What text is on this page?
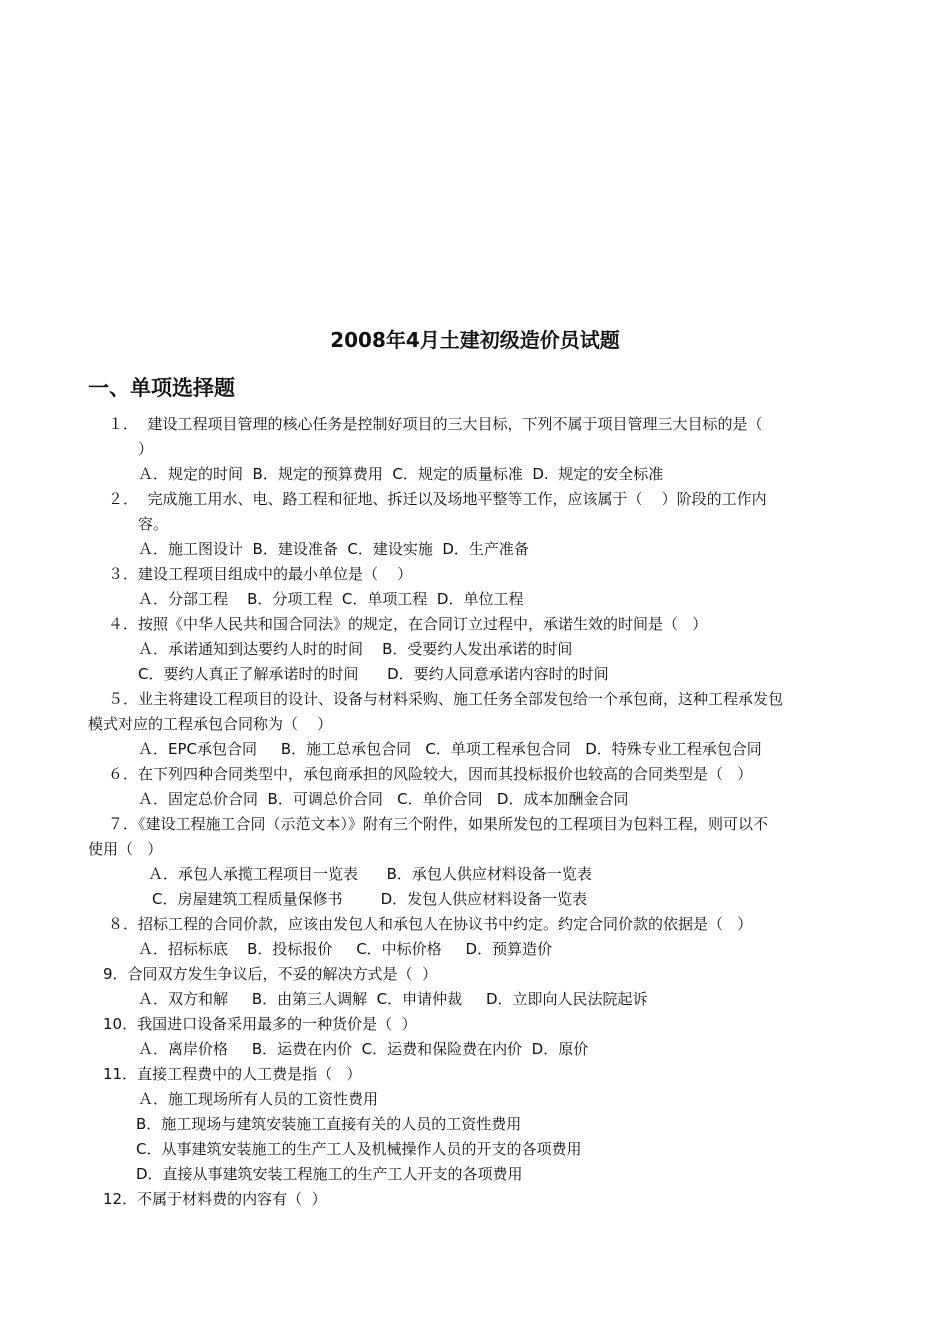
2008年4月土建初级造价员试题
一、单项选择题

１．  建设工程项目管理的核心任务是控制好项目的三大目标，下列不属于项目管理三大目标的是（

）

Ａ．规定的时间  B．规定的预算费用  C．规定的质量标准  D.  规定的安全标准

２．  完成施工用水、电、路工程和征地、拆迁以及场地平整等工作，应该属于（    ）阶段的工作内

容。

Ａ．施工图设计  B．建设准备  C．建设实施  D．生产准备

３．建设工程项目组成中的最小单位是（    ）

Ａ．分部工程    B．分项工程  C．单项工程  D．单位工程

４．按照《中华人民共和国合同法》的规定，在合同订立过程中，承诺生效的时间是（   ）

Ａ．承诺通知到达要约人时的时间    B．受要约人发出承诺的时间

C．要约人真正了解承诺时的时间      D．要约人同意承诺内容时的时间

５．业主将建设工程项目的设计、设备与材料采购、施工任务全部发包给一个承包商，这种工程承发包

模式对应的工程承包合同称为（    ）

Ａ．EPC承包合同     B．施工总承包合同   C．单项工程承包合同   D．特殊专业工程承包合同

６．在下列四种合同类型中，承包商承担的风险较大，因而其投标报价也较高的合同类型是（   ）

Ａ．固定总价合同  B．可调总价合同   C．单价合同   D．成本加酬金合同

７．《建设工程施工合同（示范文本）》附有三个附件，如果所发包的工程项目为包料工程，则可以不

使用（   ）

Ａ．承包人承揽工程项目一览表      B．承包人供应材料设备一览表

C．房屋建筑工程质量保修书        D．发包人供应材料设备一览表

８．招标工程的合同价款，应该由发包人和承包人在协议书中约定。约定合同价款的依据是（   ）

Ａ．招标标底    B．投标报价     C．中标价格     D．预算造价

9．合同双方发生争议后，不妥的解决方式是（  ）

Ａ．双方和解     B．由第三人调解  C．申请仲裁     D．立即向人民法院起诉

10．我国进口设备采用最多的一种货价是（  ）

Ａ．离岸价格     B．运费在内价  C．运费和保险费在内价  D．原价

11．直接工程费中的人工费是指（   ）

Ａ．施工现场所有人员的工资性费用

B．施工现场与建筑安装施工直接有关的人员的工资性费用

C．从事建筑安装施工的生产工人及机械操作人员的开支的各项费用

D．直接从事建筑安装工程施工的生产工人开支的各项费用

12．不属于材料费的内容有（  ）
